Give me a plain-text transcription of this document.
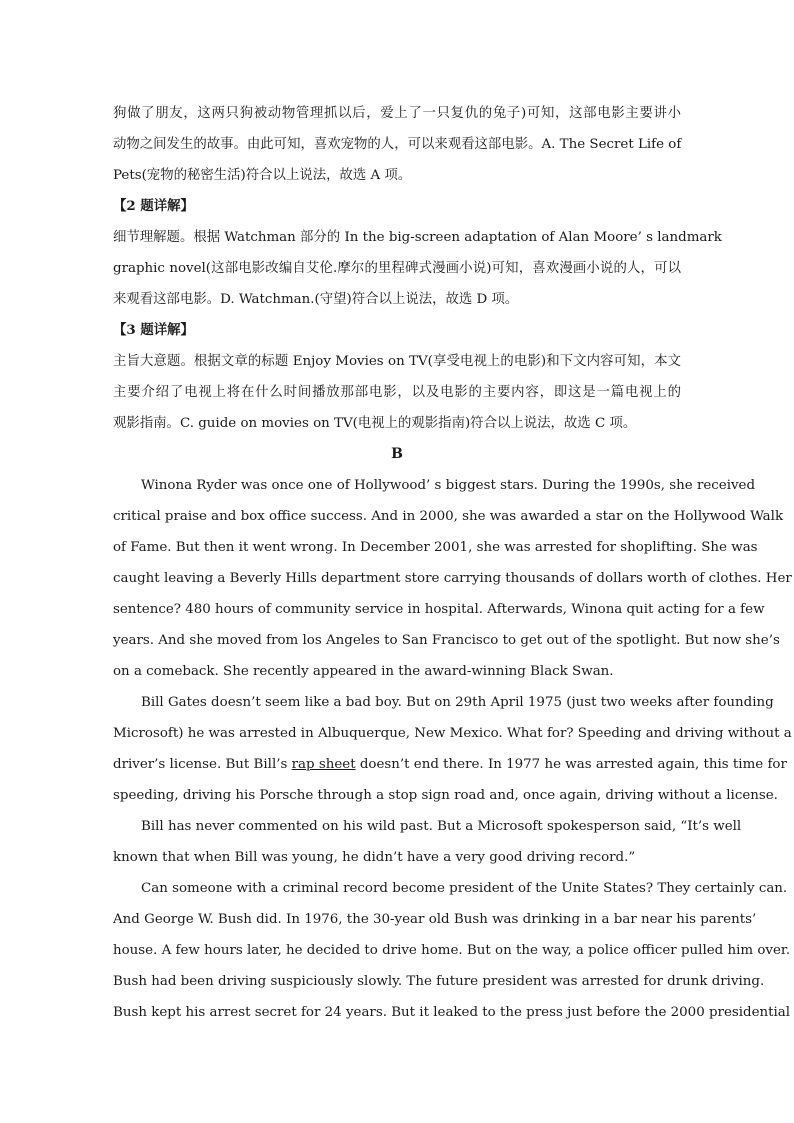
狗做了朋友，这两只狗被动物管理抓以后，爱上了一只复仇的兔子)可知，这部电影主要讲小
动物之间发生的故事。由此可知，喜欢宠物的人，可以来观看这部电影。A. The Secret Life of
Pets(宠物的秘密生活)符合以上说法，故选 A 项。
【2 题详解】
细节理解题。根据 Watchman 部分的 In the big-screen adaptation of Alan Moore’ s landmark
graphic novel(这部电影改编自艾伦.摩尔的里程碑式漫画小说)可知，喜欢漫画小说的人，可以
来观看这部电影。D. Watchman.(守望)符合以上说法，故选 D 项。
【3 题详解】
主旨大意题。根据文章的标题 Enjoy Movies on TV(享受电视上的电影)和下文内容可知，本文
主要介绍了电视上将在什么时间播放那部电影，以及电影的主要内容，即这是一篇电视上的
观影指南。C. guide on movies on TV(电视上的观影指南)符合以上说法，故选 C 项。
B
Winona Ryder was once one of Hollywood’ s biggest stars. During the 1990s, she received
critical praise and box office success. And in 2000, she was awarded a star on the Hollywood Walk
of Fame. But then it went wrong. In December 2001, she was arrested for shoplifting. She was
caught leaving a Beverly Hills department store carrying thousands of dollars worth of clothes. Her
sentence? 480 hours of community service in hospital. Afterwards, Winona quit acting for a few
years. And she moved from los Angeles to San Francisco to get out of the spotlight. But now she’s
on a comeback. She recently appeared in the award-winning Black Swan.
Bill Gates doesn’t seem like a bad boy. But on 29th April 1975 (just two weeks after founding
Microsoft) he was arrested in Albuquerque, New Mexico. What for? Speeding and driving without a
driver’s license. But Bill’s rap sheet doesn’t end there. In 1977 he was arrested again, this time for
speeding, driving his Porsche through a stop sign road and, once again, driving without a license.
Bill has never commented on his wild past. But a Microsoft spokesperson said, “It’s well
known that when Bill was young, he didn’t have a very good driving record.”
Can someone with a criminal record become president of the Unite States? They certainly can.
And George W. Bush did. In 1976, the 30-year old Bush was drinking in a bar near his parents’
house. A few hours later, he decided to drive home. But on the way, a police officer pulled him over.
Bush had been driving suspiciously slowly. The future president was arrested for drunk driving.
Bush kept his arrest secret for 24 years. But it leaked to the press just before the 2000 presidential
